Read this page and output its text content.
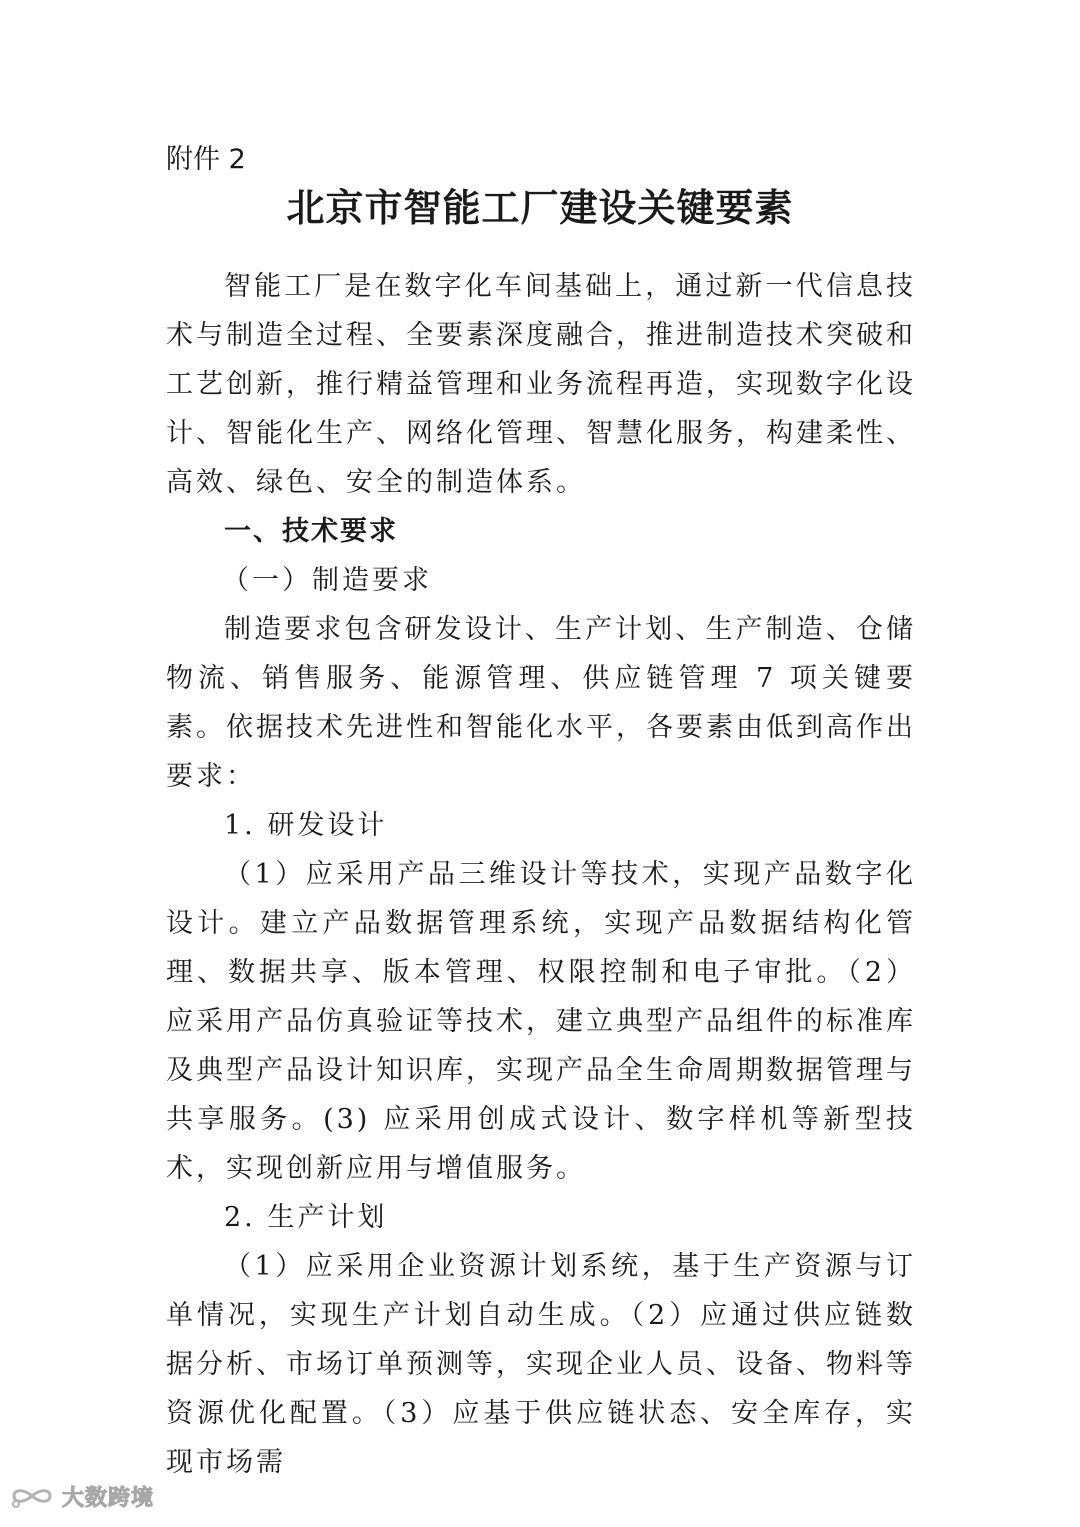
附件 2
北京市智能工厂建设关键要素

智能工厂是在数字化车间基础上，通过新一代信息技术与制造全过程、全要素深度融合，推进制造技术突破和工艺创新，推行精益管理和业务流程再造，实现数字化设计、智能化生产、网络化管理、智慧化服务，构建柔性、高效、绿色、安全的制造体系。

一、技术要求

（一）制造要求

制造要求包含研发设计、生产计划、生产制造、仓储物流、销售服务、能源管理、供应链管理 7 项关键要素。依据技术先进性和智能化水平，各要素由低到高作出要求：

1. 研发设计

（1）应采用产品三维设计等技术，实现产品数字化设计。建立产品数据管理系统，实现产品数据结构化管理、数据共享、版本管理、权限控制和电子审批。（2）应采用产品仿真验证等技术，建立典型产品组件的标准库及典型产品设计知识库，实现产品全生命周期数据管理与共享服务。(3) 应采用创成式设计、数字样机等新型技术，实现创新应用与增值服务。

2. 生产计划

（1）应采用企业资源计划系统，基于生产资源与订单情况，实现生产计划自动生成。（2）应通过供应链数据分析、市场订单预测等，实现企业人员、设备、物料等资源优化配置。（3）应基于供应链状态、安全库存，实现市场需

大数跨境
